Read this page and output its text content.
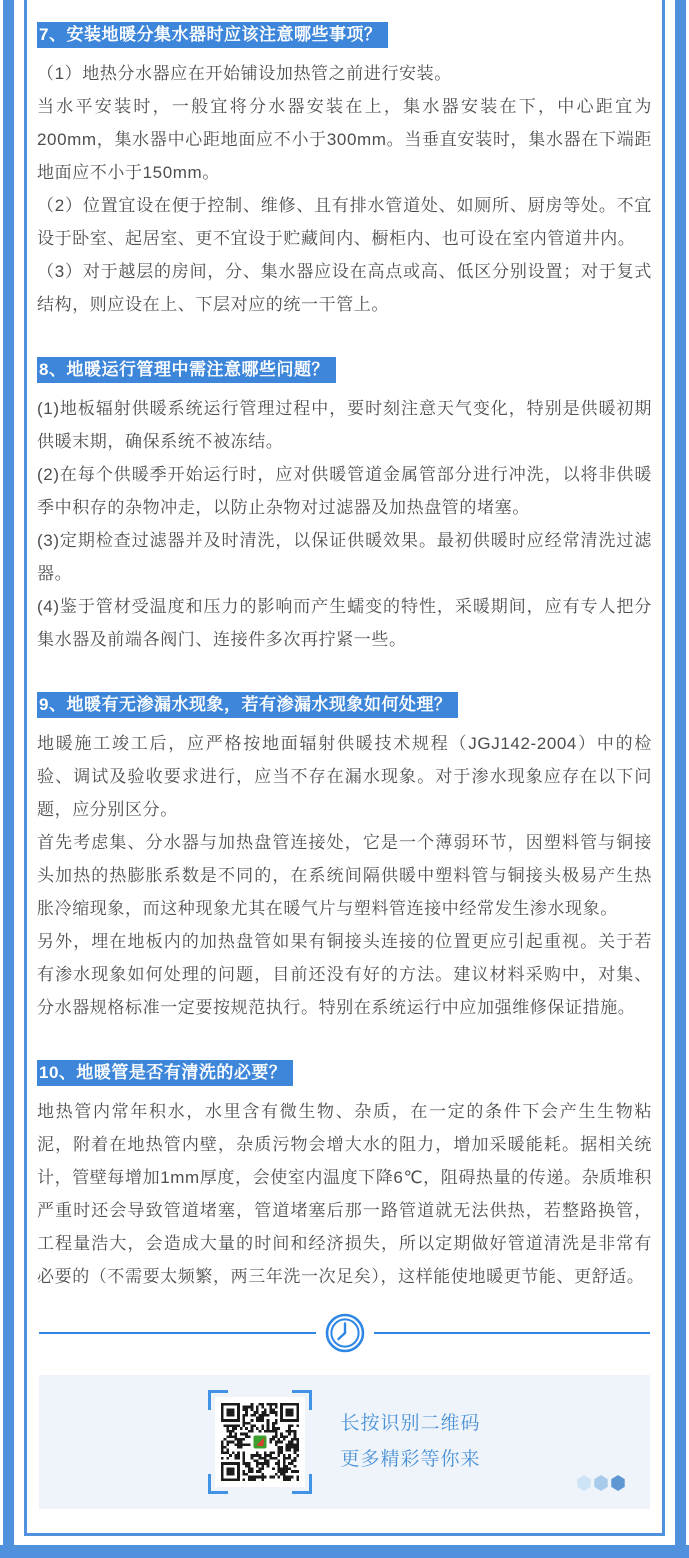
7、安装地暖分集水器时应该注意哪些事项？

（1）地热分水器应在开始铺设加热管之前进行安装。

当水平安装时，一般宜将分水器安装在上，集水器安装在下，中心距宜为200mm，集水器中心距地面应不小于300mm。当垂直安装时，集水器在下端距地面应不小于150mm。

（2）位置宜设在便于控制、维修、且有排水管道处、如厕所、厨房等处。不宜设于卧室、起居室、更不宜设于贮藏间内、橱柜内、也可设在室内管道井内。

（3）对于越层的房间，分、集水器应设在高点或高、低区分别设置；对于复式结构，则应设在上、下层对应的统一干管上。

8、地暖运行管理中需注意哪些问题？

(1)地板辐射供暖系统运行管理过程中，要时刻注意天气变化，特别是供暖初期供暖末期，确保系统不被冻结。

(2)在每个供暖季开始运行时，应对供暖管道金属管部分进行冲洗，以将非供暖季中积存的杂物冲走，以防止杂物对过滤器及加热盘管的堵塞。

(3)定期检查过滤器并及时清洗，以保证供暖效果。最初供暖时应经常清洗过滤器。

(4)鉴于管材受温度和压力的影响而产生蠕变的特性，采暖期间，应有专人把分集水器及前端各阀门、连接件多次再拧紧一些。

9、地暖有无渗漏水现象，若有渗漏水现象如何处理？

地暖施工竣工后，应严格按地面辐射供暖技术规程（JGJ142-2004）中的检验、调试及验收要求进行，应当不存在漏水现象。对于渗水现象应存在以下问题，应分别区分。

首先考虑集、分水器与加热盘管连接处，它是一个薄弱环节，因塑料管与铜接头加热的热膨胀系数是不同的，在系统间隔供暖中塑料管与铜接头极易产生热胀冷缩现象，而这种现象尤其在暖气片与塑料管连接中经常发生渗水现象。

另外，埋在地板内的加热盘管如果有铜接头连接的位置更应引起重视。关于若有渗水现象如何处理的问题，目前还没有好的方法。建议材料采购中，对集、分水器规格标准一定要按规范执行。特别在系统运行中应加强维修保证措施。

10、地暖管是否有清洗的必要？

地热管内常年积水，水里含有微生物、杂质，在一定的条件下会产生生物粘泥，附着在地热管内壁，杂质污物会增大水的阻力，增加采暖能耗。据相关统计，管壁每增加1mm厚度，会使室内温度下降6℃，阻碍热量的传递。杂质堆积严重时还会导致管道堵塞，管道堵塞后那一路管道就无法供热，若整路换管，工程量浩大，会造成大量的时间和经济损失，所以定期做好管道清洗是非常有必要的（不需要太频繁，两三年洗一次足矣），这样能使地暖更节能、更舒适。

长按识别二维码
更多精彩等你来
